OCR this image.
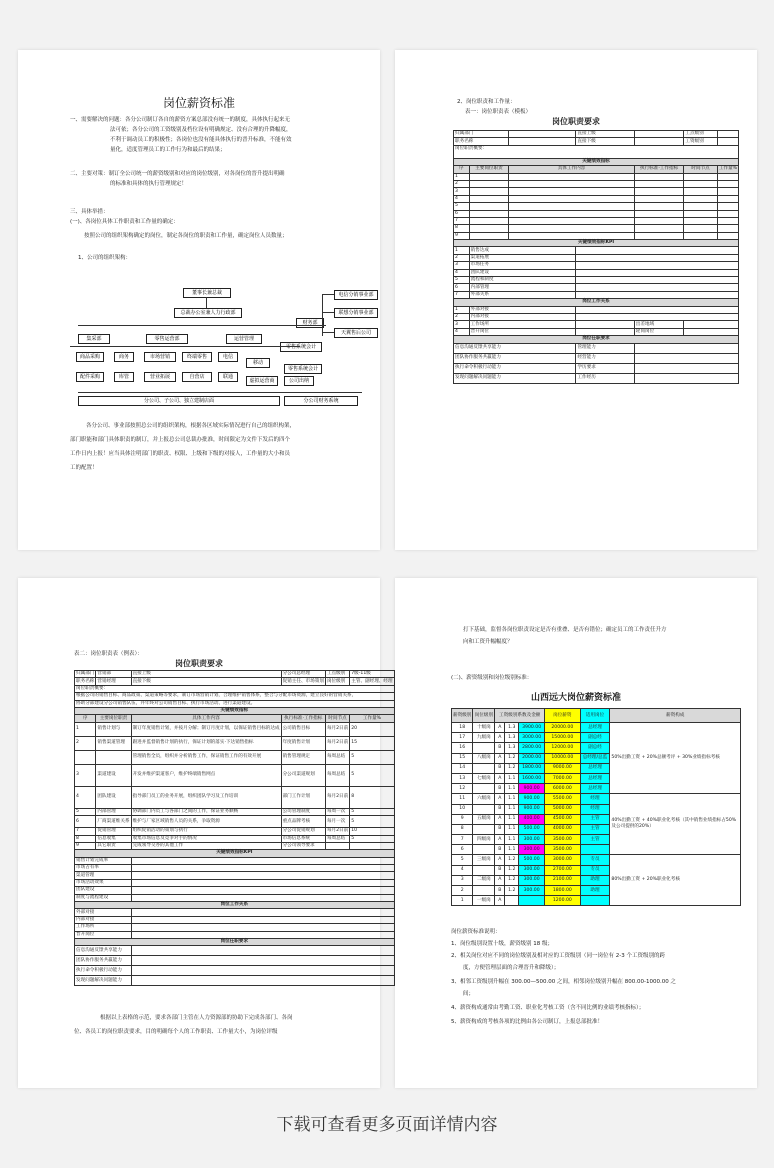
岗位薪资标准
一、需要解决的问题：各分公司制订各自的薪资方案总部没有统一的制度，具体执行起来无
法可依；各分公司的工资级别及档位设有明确规定、没有合理的升降幅度，
不利于调动员工的积极性；各岗位也没有能具体执行的晋升标准，不能有效
量化，适度管理员工的工作行为和最后的结果；
二、主要对策：制订全公司统一的薪资级别和对应的岗位级别，对各岗位的晋升提出明确
的标准和具体的执行管理规定！
三、具体举措：
(一)、各岗位具体工作职责和工作量的确定：
按照公司的组织架构确定的岗位，制定各岗位的职责和工作量，确定岗位人员数量；
1、公司的组织架构：
董事长兼总裁
总裁办公室兼人力行政部
电信分销事业部
联想分销事业部
天翼售后公司
财务部
集采部	零售运营部	运营管理
零售系统会计
商品采购	商务	市场营销	终端零售	电信
移动
零售系统会计
配件采购	库管	营业拓展	自营店	联通
虚拟运营商	公司出纳
分公司、子公司、独立建制店面	分公司财务系统
各分公司、事业部按照总公司的组织架构，根据各区域实际情况进行自己的组织构架，
部门职能和部门具体职责的制订，并上报总公司总裁办批准，时间限定为文件下发后的四个
工作日内上报！应当具体注明部门的职责、权限、上级和下级的对接人，工作量的大小和员
工的配置！
2、岗位职责和工作量：
表一：岗位职责表（模板）
岗位职责要求
归属部门			直接上级		工点级别	
职务名称			直接下级		工资级别	
岗位职责概要：						
关键绩效指标						
序	主要岗位职责	具体工作内容		执行标准·工作指标	时间节点	工作量%
1						
2						
3						
4						
5						
6						
7						
8						
9						
关键绩效指标KPI						
1	销售达成					
2	渠道拓展					
3	市场任务					
4	团队建设					
5	流程和制度					
6	内部管理					
7	外部关系					
岗位工作关系						
1	外部对接					
2	内部对接					
3	工作场所			出差地域		
4	晋升岗位			轮岗岗位		
岗位任职要求						
信息沟通反馈共享能力			管理能力			
团队协作服务共赢能力			经营能力			
执行命令积极行动能力			学历要求			
发现问题解决问题能力			工作经历			
表二：岗位职责表（例表）：
岗位职责要求
归属部门	营销部	直接上级	分公司总经理	工点级别	7级-11级
职务名称	营销经理	直接下级	促销主任、市场策划	岗位级别	主管、副经理、经理
岗位职责概要：					
根据公司的销售目标、商品政策、渠道策略等要求，制订市场营销计划，合理维护销售体系，整合与分配市场资源，建立良好的营销关系，					
协助分部建设分公司销售队伍，并年终对公司销售目标、执行市场活动、进行渠道建设。					
关键绩效指标					
序	主要岗位职责	具体工作内容	执行标准·工作指标	时间节点	工作量%
1	销售计划与	制订年度销售计划，并按月分解；制订月度计划，以保证销售目标的达成	公司销售目标	每月2日前	20
2	销售渠道管理	跟进并监督销售计划的执行，保证计划的落实·下达销售指标	年度销售计划	每月2日前	15
		管理销售全员，组织并分析销售工作，保证销售工作的有效开展	销售管理规定	每周总结	5
3	渠道建设	开发并维护渠道客户，维护终端销售网点	分公司渠道规划	每周总结	5
4	团队建设	指导部门员工的业务开展，组织团队学习及工作培训	部门工作计划	每月2日前	8
5	内部管理	协调部门内员工与各部门之间的工作，保证业务顺畅	公司管理制度	每周一次	5
6	厂商渠道维关系	维护与厂家区域销售人员的关系，争取资源	重点品牌考核	每月一次	5
7	促销管理	组织促销活动的策划与执行	分公司促销规划	每月2日前	10
8	信息收集	收集市场信息及竞争对手的情况	市场信息系统	每周总结	5
9	其它职责	完成领导交办的其他工作	分公司领导要求		
关键绩效指标KPI					
销售计划完成率					
市场占有率					
渠道管理					
市场活动效果					
团队建设					
制度与流程建设					
岗位工作关系					
外部对接					
内部对接					
工作场所					
晋升岗位					
岗位任职要求					
信息沟通反馈共享能力					
团队协作服务共赢能力					
执行命令积极行动能力					
发现问题解决问题能力					
根据以上表格的示范，要求各部门主管在人力资源部的协助下完成各部门、各岗
位、各员工的岗位职责要求，目的明确每个人的工作职责、工作量大小，为岗位评级
打下基础，监督各岗位职责设定是否有重叠、是否有错位；确定员工的工作责任升方
向和工资升幅幅度？
(二)、薪资级别和岗位级别标准：
山西远大岗位薪资标准
薪资级别	岗位级别	工资级别系数及金额			岗位薪资	适用岗位	薪资构成
18	十级岗	A	1.3	3900.00	20000.00	总经理	50%出勤工资 + 20%总额考评 + 30%业绩指标考核
17	九级岗	A	1.3	3000.00	15000.00	副总经	
16		B	1.3	2800.00	12000.00	副总经	
15	八级岗	A	1.2	2000.00	10000.00	总经理/总监	
14		B	1.2	1800.00	9000.00	总经理	
13	七级岗	A	1.1	1600.00	7000.00	总经理	
12		B	1.1	900.00	6000.00	总经理	
11	六级岗	A	1.1	900.00	5500.00	经理	40%出勤工资 + 40%职业化考核（其中销售业绩指标占50%及公司提供的20%）
10		B	1.1	900.00	5000.00	经理	
9	五级岗	A	1.1	400.00	4500.00	主管	
8		B	1.1	500.00	4000.00	主管	
7	四级岗	A	1.1	300.00	3500.00	主管	
6		B	1.1	300.00	3500.00		
5	三级岗	A	1.2	500.00	3000.00	专员	80%出勤工资 + 20%职业化考核
4		B	1.2	300.00	2700.00	专员	
3	二级岗	A	1.2	300.00	2100.00	助理	
2		B	1.2	300.00	1800.00	助理	
1	一级岗	A			1200.00		
岗位薪资标准说明：
1、岗位级别设置十级，薪资级别 18 级；
2、相关岗位对应不同的岗位级别及相对应的工资级别（同一岗位有 2-3 个工资级别的跨
度，方便管理层面的合理晋升和降级）；
3、相邻工资级别升幅在 300.00—500.00 之间，相邻岗位级别升幅在 800.00-1000.00 之
间；
4、薪资构成通常由考勤工资、职业化考核工资（含不同比例的业绩考核指标）；
5、薪资构成的考核各项的比例由各公司制订，上报总部批准！
下载可查看更多页面详情内容
